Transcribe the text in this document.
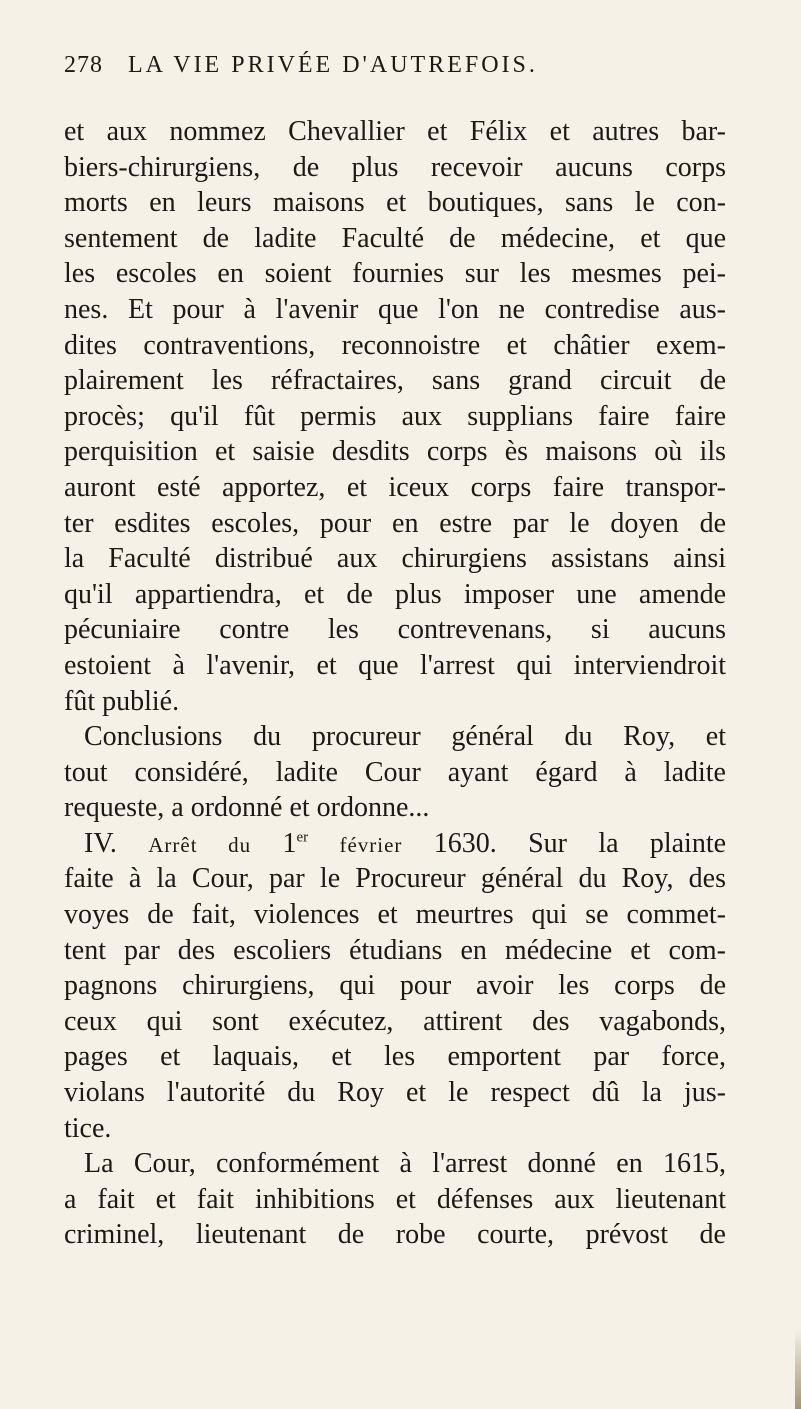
278 LA VIE PRIVÉE D'AUTREFOIS.
et aux nommez Chevallier et Félix et autres bar-
biers-chirurgiens, de plus recevoir aucuns corps
morts en leurs maisons et boutiques, sans le con-
sentement de ladite Faculté de médecine, et que
les escoles en soient fournies sur les mesmes pei-
nes. Et pour à l'avenir que l'on ne contredise aus-
dites contraventions, reconnoistre et châtier exem-
plairement les réfractaires, sans grand circuit de
procès; qu'il fût permis aux supplians faire faire
perquisition et saisie desdits corps ès maisons où ils
auront esté apportez, et iceux corps faire transpor-
ter esdites escoles, pour en estre par le doyen de
la Faculté distribué aux chirurgiens assistans ainsi
qu'il appartiendra, et de plus imposer une amende
pécuniaire contre les contrevenans, si aucuns
estoient à l'avenir, et que l'arrest qui interviendroit
fût publié.
Conclusions du procureur général du Roy, et
tout considéré, ladite Cour ayant égard à ladite
requeste, a ordonné et ordonne...
IV. Arrêt du 1er février 1630. Sur la plainte
faite à la Cour, par le Procureur général du Roy, des
voyes de fait, violences et meurtres qui se commet-
tent par des escoliers étudians en médecine et com-
pagnons chirurgiens, qui pour avoir les corps de
ceux qui sont exécutez, attirent des vagabonds,
pages et laquais, et les emportent par force,
violans l'autorité du Roy et le respect dû la jus-
tice.
La Cour, conformément à l'arrest donné en 1615,
a fait et fait inhibitions et défenses aux lieutenant
criminel, lieutenant de robe courte, prévost de
